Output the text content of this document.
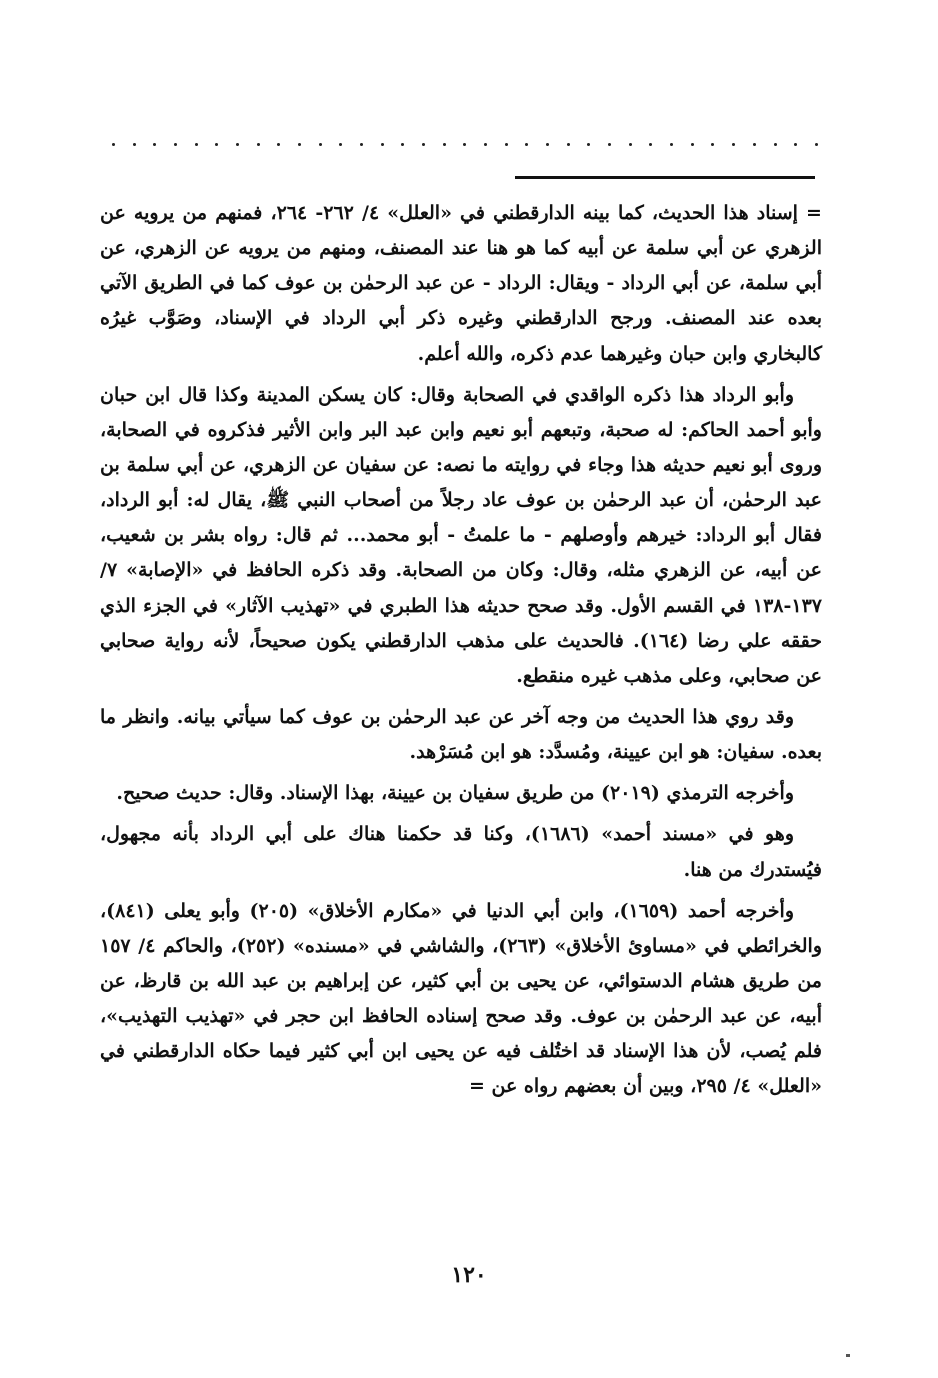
= إسناد هذا الحديث، كما بينه الدارقطني في «العلل» ٤/ ٢٦٢- ٢٦٤، فمنهم من يرويه عن الزهري عن أبي سلمة عن أبيه كما هو هنا عند المصنف، ومنهم من يرويه عن الزهري، عن أبي سلمة، عن أبي الرداد - ويقال: الرداد - عن عبد الرحمٰن بن عوف كما في الطريق الآتي بعده عند المصنف. ورجح الدارقطني وغيره ذكر أبي الرداد في الإسناد، وصَوَّب غيرُه كالبخاري وابن حبان وغيرهما عدم ذكره، والله أعلم.

وأبو الرداد هذا ذكره الواقدي في الصحابة وقال: كان يسكن المدينة وكذا قال ابن حبان وأبو أحمد الحاكم: له صحبة، وتبعهم أبو نعيم وابن عبد البر وابن الأثير فذكروه في الصحابة، وروى أبو نعيم حديثه هذا وجاء في روايته ما نصه: عن سفيان عن الزهري، عن أبي سلمة بن عبد الرحمٰن، أن عبد الرحمٰن بن عوف عاد رجلاً من أصحاب النبي ﷺ، يقال له: أبو الرداد، فقال أبو الرداد: خيرهم وأوصلهم - ما علمتُ - أبو محمد... ثم قال: رواه بشر بن شعيب، عن أبيه، عن الزهري مثله، وقال: وكان من الصحابة. وقد ذكره الحافظ في «الإصابة» ٧/ ١٣٧-١٣٨ في القسم الأول. وقد صحح حديثه هذا الطبري في «تهذيب الآثار» في الجزء الذي حققه علي رضا (١٦٤). فالحديث على مذهب الدارقطني يكون صحيحاً، لأنه رواية صحابي عن صحابي، وعلى مذهب غيره منقطع.

وقد روي هذا الحديث من وجه آخر عن عبد الرحمٰن بن عوف كما سيأتي بيانه. وانظر ما بعده. سفيان: هو ابن عيينة، ومُسدَّد: هو ابن مُسَرْهد.

وأخرجه الترمذي (٢٠١٩) من طريق سفيان بن عيينة، بهذا الإسناد. وقال: حديث صحيح.

وهو في «مسند أحمد» (١٦٨٦)، وكنا قد حكمنا هناك على أبي الرداد بأنه مجهول، فيُستدرك من هنا.

وأخرجه أحمد (١٦٥٩)، وابن أبي الدنيا في «مكارم الأخلاق» (٢٠٥) وأبو يعلى (٨٤١)، والخرائطي في «مساوئ الأخلاق» (٢٦٣)، والشاشي في «مسنده» (٢٥٢)، والحاكم ٤/ ١٥٧ من طريق هشام الدستوائي، عن يحيى بن أبي كثير، عن إبراهيم بن عبد الله بن قارظ، عن أبيه، عن عبد الرحمٰن بن عوف. وقد صحح إسناده الحافظ ابن حجر في «تهذيب التهذيب»، فلم يُصب، لأن هذا الإسناد قد اختُلف فيه عن يحيى ابن أبي كثير فيما حكاه الدارقطني في «العلل» ٤/ ٢٩٥، وبين أن بعضهم رواه عن =

١٢٠
